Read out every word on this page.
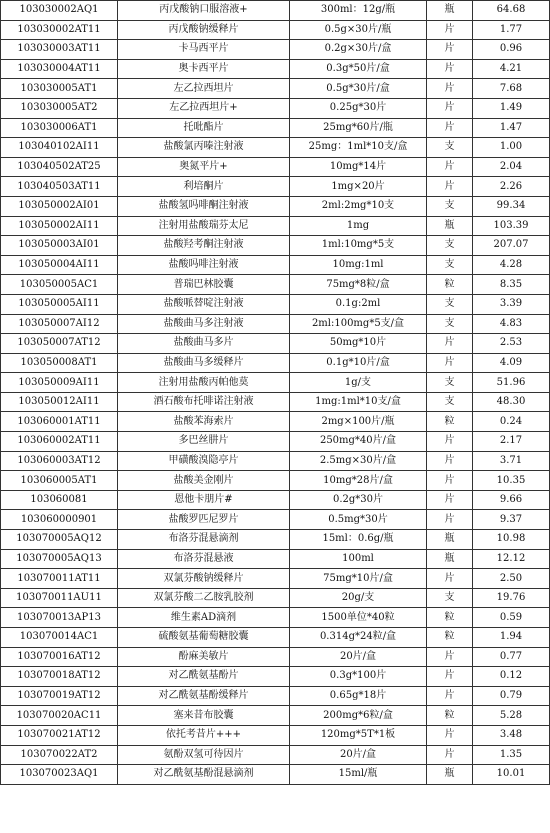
103030002AQ1	丙戊酸钠口服溶液+	300ml：12g/瓶	瓶	64.68
103030002AT11	丙戊酸钠缓释片	0.5g×30片/瓶	片	1.77
103030003AT11	卡马西平片	0.2g×30片/盒	片	0.96
103030004AT11	奥卡西平片	0.3g*50片/盒	片	4.21
103030005AT1	左乙拉西坦片	0.5g*30片/盒	片	7.68
103030005AT2	左乙拉西坦片+	0.25g*30片	片	1.49
103030006AT1	托吡酯片	25mg*60片/瓶	片	1.47
103040102AI11	盐酸氯丙嗪注射液	25mg：1ml*10支/盒	支	1.00
103040502AT25	奥氮平片+	10mg*14片	片	2.04
103040503AT11	利培酮片	1mg×20片	片	2.26
103050002AI01	盐酸氢吗啡酮注射液	2ml:2mg*10支	支	99.34
103050002AI11	注射用盐酸瑞芬太尼	1mg	瓶	103.39
103050003AI01	盐酸羟考酮注射液	1ml:10mg*5支	支	207.07
103050004AI11	盐酸吗啡注射液	10mg:1ml	支	4.28
103050005AC1	普瑞巴林胶囊	75mg*8粒/盒	粒	8.35
103050005AI11	盐酸哌替啶注射液	0.1g:2ml	支	3.39
103050007AI12	盐酸曲马多注射液	2ml:100mg*5支/盒	支	4.83
103050007AT12	盐酸曲马多片	50mg*10片	片	2.53
103050008AT1	盐酸曲马多缓释片	0.1g*10片/盒	片	4.09
103050009AI11	注射用盐酸丙帕他莫	1g/支	支	51.96
103050012AI11	酒石酸布托啡诺注射液	1mg:1ml*10支/盒	支	48.30
103060001AT11	盐酸苯海索片	2mg×100片/瓶	粒	0.24
103060002AT11	多巴丝肼片	250mg*40片/盒	片	2.17
103060003AT12	甲磺酸溴隐亭片	2.5mg×30片/盒	片	3.71
103060005AT1	盐酸美金刚片	10mg*28片/盒	片	10.35
103060081	恩他卡朋片#	0.2g*30片	片	9.66
103060000901	盐酸罗匹尼罗片	0.5mg*30片	片	9.37
103070005AQ12	布洛芬混悬滴剂	15ml：0.6g/瓶	瓶	10.98
103070005AQ13	布洛芬混悬液	100ml	瓶	12.12
103070011AT11	双氯芬酸钠缓释片	75mg*10片/盒	片	2.50
103070011AU11	双氯芬酸二乙胺乳胶剂	20g/支	支	19.76
103070013AP13	维生素AD滴剂	1500单位*40粒	粒	0.59
103070014AC1	硫酸氨基葡萄糖胶囊	0.314g*24粒/盒	粒	1.94
103070016AT12	酚麻美敏片	20片/盒	片	0.77
103070018AT12	对乙酰氨基酚片	0.3g*100片	片	0.12
103070019AT12	对乙酰氨基酚缓释片	0.65g*18片	片	0.79
103070020AC11	塞来昔布胶囊	200mg*6粒/盒	粒	5.28
103070021AT12	依托考昔片+++	120mg*5T*1板	片	3.48
103070022AT2	氨酚双氢可待因片	20片/盒	片	1.35
103070023AQ1	对乙酰氨基酚混悬滴剂	15ml/瓶	瓶	10.01
